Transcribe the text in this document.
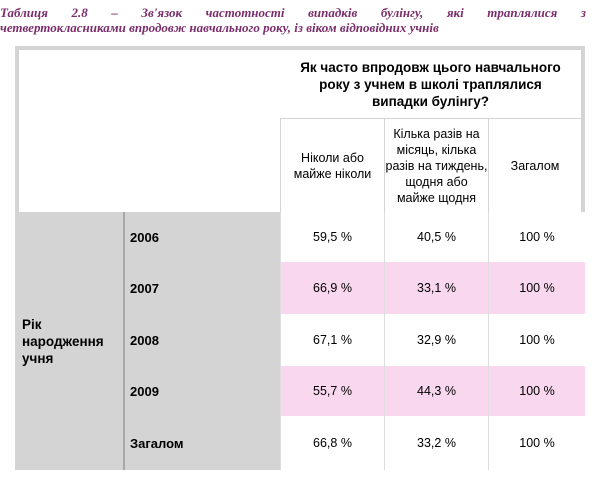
Таблиця 2.8 – Зв'язок частотності випадків булінгу, які траплялися з
четвертокласниками впродовж навчального року, із віком відповідних учнів
Як часто впродовж цього навчального року з учнем в школі траплялися випадки булінгу?
Ніколи або майже ніколи
Кілька разів на місяць, кілька разів на тиждень, щодня або майже щодня
Загалом
Рік народження учня
2006	59,5 %	40,5 %	100 %
2007	66,9 %	33,1 %	100 %
2008	67,1 %	32,9 %	100 %
2009	55,7 %	44,3 %	100 %
Загалом	66,8 %	33,2 %	100 %
